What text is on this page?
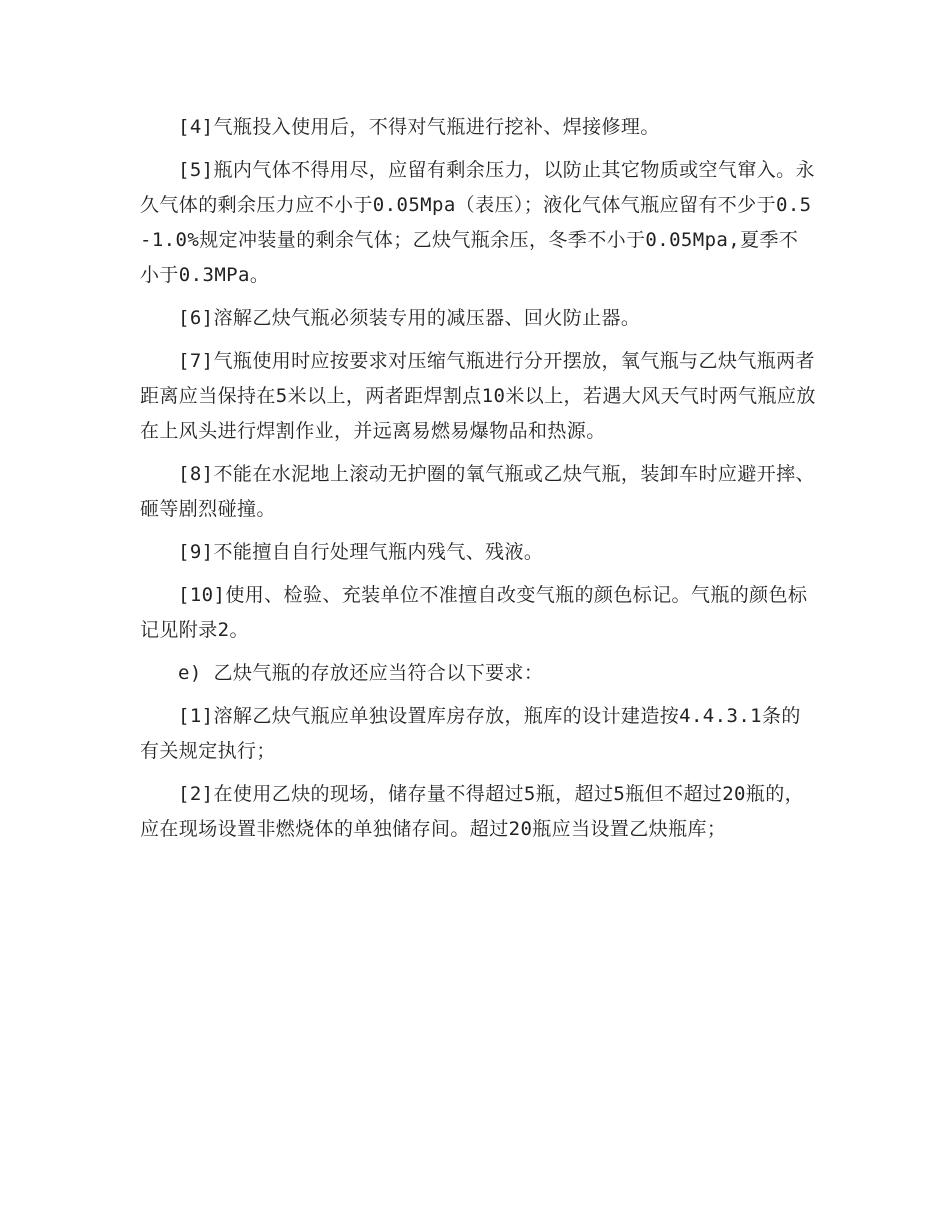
[4]气瓶投入使用后，不得对气瓶进行挖补、焊接修理。

[5]瓶内气体不得用尽，应留有剩余压力，以防止其它物质或空气窜入。永久气体的剩余压力应不小于0.05Mpa（表压）；液化气体气瓶应留有不少于0.5-1.0%规定冲装量的剩余气体；乙炔气瓶余压，冬季不小于0.05Mpa,夏季不小于0.3MPa。

[6]溶解乙炔气瓶必须装专用的减压器、回火防止器。

[7]气瓶使用时应按要求对压缩气瓶进行分开摆放，氧气瓶与乙炔气瓶两者距离应当保持在5米以上，两者距焊割点10米以上，若遇大风天气时两气瓶应放在上风头进行焊割作业，并远离易燃易爆物品和热源。

[8]不能在水泥地上滚动无护圈的氧气瓶或乙炔气瓶，装卸车时应避开摔、砸等剧烈碰撞。

[9]不能擅自自行处理气瓶内残气、残液。

[10]使用、检验、充装单位不准擅自改变气瓶的颜色标记。气瓶的颜色标记见附录2。

e) 乙炔气瓶的存放还应当符合以下要求：

[1]溶解乙炔气瓶应单独设置库房存放，瓶库的设计建造按4.4.3.1条的有关规定执行；

[2]在使用乙炔的现场，储存量不得超过5瓶，超过5瓶但不超过20瓶的，应在现场设置非燃烧体的单独储存间。超过20瓶应当设置乙炔瓶库；
